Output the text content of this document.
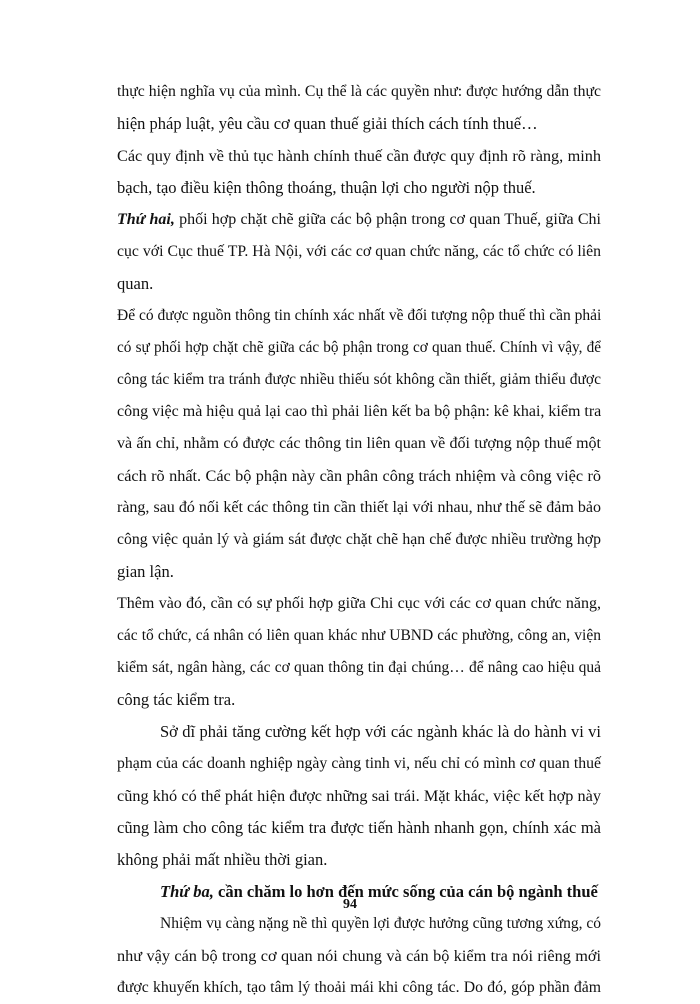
thực hiện nghĩa vụ của mình. Cụ thể là các quyền như: được hướng dẫn thực
hiện pháp luật, yêu cầu cơ quan thuế giải thích cách tính thuế…
Các quy định về thủ tục hành chính thuế cần được quy định rõ ràng, minh
bạch, tạo điều kiện thông thoáng, thuận lợi cho người nộp thuế.
Thứ hai, phối hợp chặt chẽ giữa các bộ phận trong cơ quan Thuế, giữa Chi
cục với Cục thuế TP. Hà Nội, với các cơ quan chức năng, các tổ chức có liên
quan.
Để có được nguồn thông tin chính xác nhất về đối tượng nộp thuế thì cần phải
có sự phối hợp chặt chẽ giữa các bộ phận trong cơ quan thuế. Chính vì vậy, để
công tác kiểm tra tránh được nhiều thiếu sót không cần thiết, giảm thiểu được
công việc mà hiệu quả lại cao thì phải liên kết ba bộ phận: kê khai, kiểm tra
và ấn chỉ, nhằm có được các thông tin liên quan về đối tượng nộp thuế một
cách rõ nhất. Các bộ phận này cần phân công trách nhiệm và công việc rõ
ràng, sau đó nối kết các thông tin cần thiết lại với nhau, như thế sẽ đảm bảo
công việc quản lý và giám sát được chặt chẽ hạn chế được nhiều trường hợp
gian lận.
Thêm vào đó, cần có sự phối hợp giữa Chi cục với các cơ quan chức năng,
các tổ chức, cá nhân có liên quan khác như UBND các phường, công an, viện
kiểm sát, ngân hàng, các cơ quan thông tin đại chúng… để nâng cao hiệu quả
công tác kiểm tra.
Sở dĩ phải tăng cường kết hợp với các ngành khác là do hành vi vi
phạm của các doanh nghiệp ngày càng tinh vi, nếu chỉ có mình cơ quan thuế
cũng khó có thể phát hiện được những sai trái. Mặt khác, việc kết hợp này
cũng làm cho công tác kiểm tra được tiến hành nhanh gọn, chính xác mà
không phải mất nhiều thời gian.
Thứ ba, cần chăm lo hơn đến mức sống của cán bộ ngành thuế
Nhiệm vụ càng nặng nề thì quyền lợi được hưởng cũng tương xứng, có
như vậy cán bộ trong cơ quan nói chung và cán bộ kiểm tra nói riêng mới
được khuyến khích, tạo tâm lý thoải mái khi công tác. Do đó, góp phần đảm
94
